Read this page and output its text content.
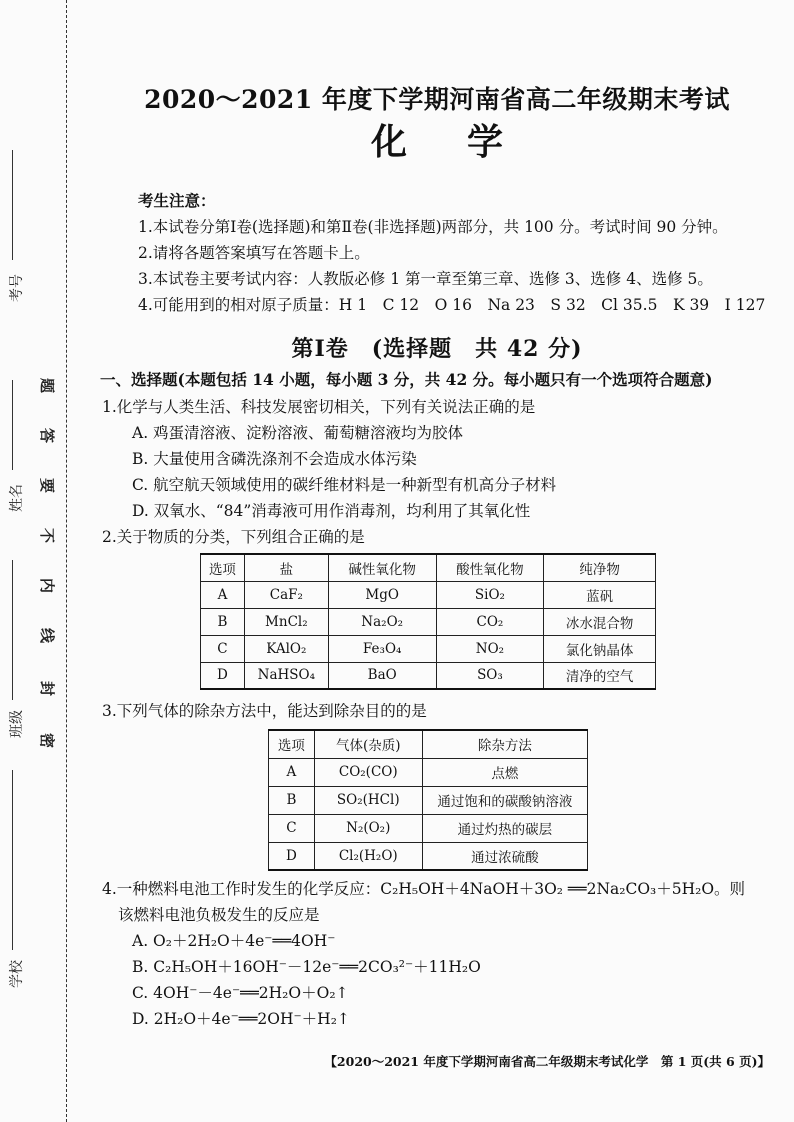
考号
姓名
班级
学校
题
答
要
不
内
线
封
密
2020～2021 年度下学期河南省高二年级期末考试
化学
考生注意：
1.本试卷分第Ⅰ卷(选择题)和第Ⅱ卷(非选择题)两部分，共 100 分。考试时间 90 分钟。
2.请将各题答案填写在答题卡上。
3.本试卷主要考试内容：人教版必修 1 第一章至第三章、选修 3、选修 4、选修 5。
4.可能用到的相对原子质量：H 1　C 12　O 16　Na 23　S 32　Cl 35.5　K 39　I 127
第Ⅰ卷　(选择题　共 42 分)
一、选择题(本题包括 14 小题，每小题 3 分，共 42 分。每小题只有一个选项符合题意)
1.化学与人类生活、科技发展密切相关，下列有关说法正确的是
A. 鸡蛋清溶液、淀粉溶液、葡萄糖溶液均为胶体
B. 大量使用含磷洗涤剂不会造成水体污染
C. 航空航天领域使用的碳纤维材料是一种新型有机高分子材料
D. 双氧水、“84”消毒液可用作消毒剂，均利用了其氧化性
2.关于物质的分类，下列组合正确的是
选项	盐	碱性氧化物	酸性氧化物	纯净物
A	CaF₂	MgO	SiO₂	蓝矾
B	MnCl₂	Na₂O₂	CO₂	冰水混合物
C	KAlO₂	Fe₃O₄	NO₂	氯化钠晶体
D	NaHSO₄	BaO	SO₃	清净的空气
3.下列气体的除杂方法中，能达到除杂目的的是
选项	气体(杂质)	除杂方法
A	CO₂(CO)	点燃
B	SO₂(HCl)	通过饱和的碳酸钠溶液
C	N₂(O₂)	通过灼热的碳层
D	Cl₂(H₂O)	通过浓硫酸
4.一种燃料电池工作时发生的化学反应：C₂H₅OH＋4NaOH＋3O₂ ══2Na₂CO₃＋5H₂O。则
该燃料电池负极发生的反应是
A. O₂＋2H₂O＋4e⁻══4OH⁻
B. C₂H₅OH＋16OH⁻－12e⁻══2CO₃²⁻＋11H₂O
C. 4OH⁻－4e⁻══2H₂O＋O₂↑
D. 2H₂O＋4e⁻══2OH⁻＋H₂↑
【2020～2021 年度下学期河南省高二年级期末考试化学　第 1 页(共 6 页)】
